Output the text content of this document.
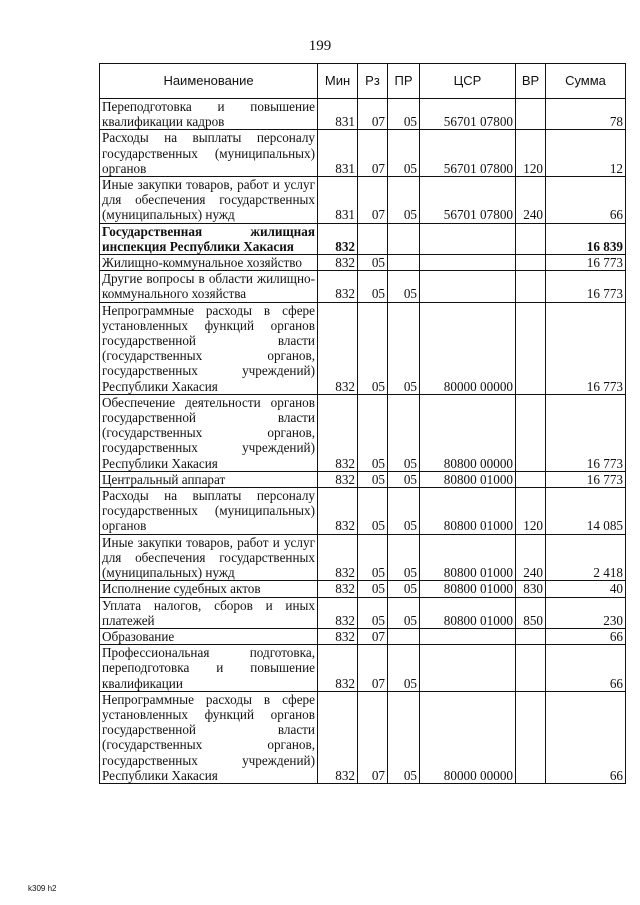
199
Наименование	Мин	Рз	ПР	ЦСР	ВР	Сумма
Переподготовка и повышение квалификации кадров	831	07	05	56701 07800		78
Расходы на выплаты персоналу государственных (муниципальных) органов	831	07	05	56701 07800	120	12
Иные закупки товаров, работ и услуг для обеспечения государственных (муниципальных) нужд	831	07	05	56701 07800	240	66
Государственная жилищная инспекция Республики Хакасия	832					16 839
Жилищно-коммунальное хозяйство	832	05				16 773
Другие вопросы в области жилищно-коммунального хозяйства	832	05	05			16 773
Непрограммные расходы в сфере установленных функций органов государственной власти (государственных органов, государственных учреждений) Республики Хакасия	832	05	05	80000 00000		16 773
Обеспечение деятельности органов государственной власти (государственных органов, государственных учреждений) Республики Хакасия	832	05	05	80800 00000		16 773
Центральный аппарат	832	05	05	80800 01000		16 773
Расходы на выплаты персоналу государственных (муниципальных) органов	832	05	05	80800 01000	120	14 085
Иные закупки товаров, работ и услуг для обеспечения государственных (муниципальных) нужд	832	05	05	80800 01000	240	2 418
Исполнение судебных актов	832	05	05	80800 01000	830	40
Уплата налогов, сборов и иных платежей	832	05	05	80800 01000	850	230
Образование	832	07				66
Профессиональная подготовка, переподготовка и повышение квалификации	832	07	05			66
Непрограммные расходы в сфере установленных функций органов государственной власти (государственных органов, государственных учреждений) Республики Хакасия	832	07	05	80000 00000		66
k309 h2
